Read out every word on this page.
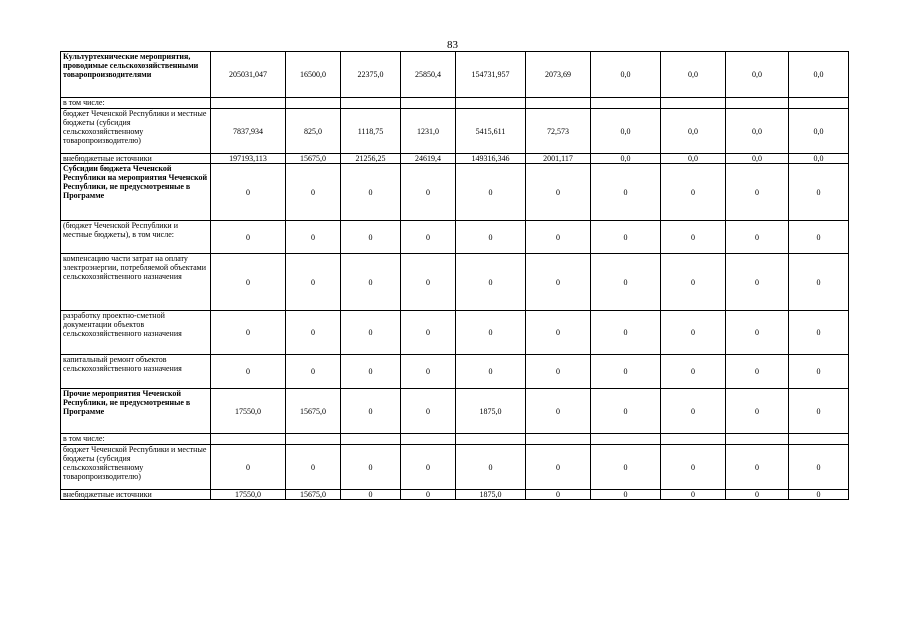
83
Культуртехнические мероприятия, проводимые сельскохозяйственными товаропроизводителями	205031,047	16500,0	22375,0	25850,4	154731,957	2073,69	0,0	0,0	0,0	0,0
в том числе:										
бюджет Чеченской Республики и местные бюджеты (субсидия сельскохозяйственному товаропроизводителю)	7837,934	825,0	1118,75	1231,0	5415,611	72,573	0,0	0,0	0,0	0,0
внебюджетные источники	197193,113	15675,0	21256,25	24619,4	149316,346	2001,117	0,0	0,0	0,0	0,0
Субсидии бюджета Чеченской Республики на мероприятия Чеченской Республики, не предусмотренные в Программе	0	0	0	0	0	0	0	0	0	0
(бюджет Чеченской Республики и местные бюджеты), в том числе:	0	0	0	0	0	0	0	0	0	0
компенсацию части затрат на оплату электроэнергии, потребляемой объектами сельскохозяйственного назначения	0	0	0	0	0	0	0	0	0	0
разработку проектно-сметной документации объектов сельскохозяйственного назначения	0	0	0	0	0	0	0	0	0	0
капитальный ремонт объектов сельскохозяйственного назначения	0	0	0	0	0	0	0	0	0	0
Прочие мероприятия Чеченской Республики, не предусмотренные в Программе	17550,0	15675,0	0	0	1875,0	0	0	0	0	0
в том числе:										
бюджет Чеченской Республики и местные бюджеты (субсидия сельскохозяйственному товаропроизводителю)	0	0	0	0	0	0	0	0	0	0
внебюджетные источники	17550,0	15675,0	0	0	1875,0	0	0	0	0	0
